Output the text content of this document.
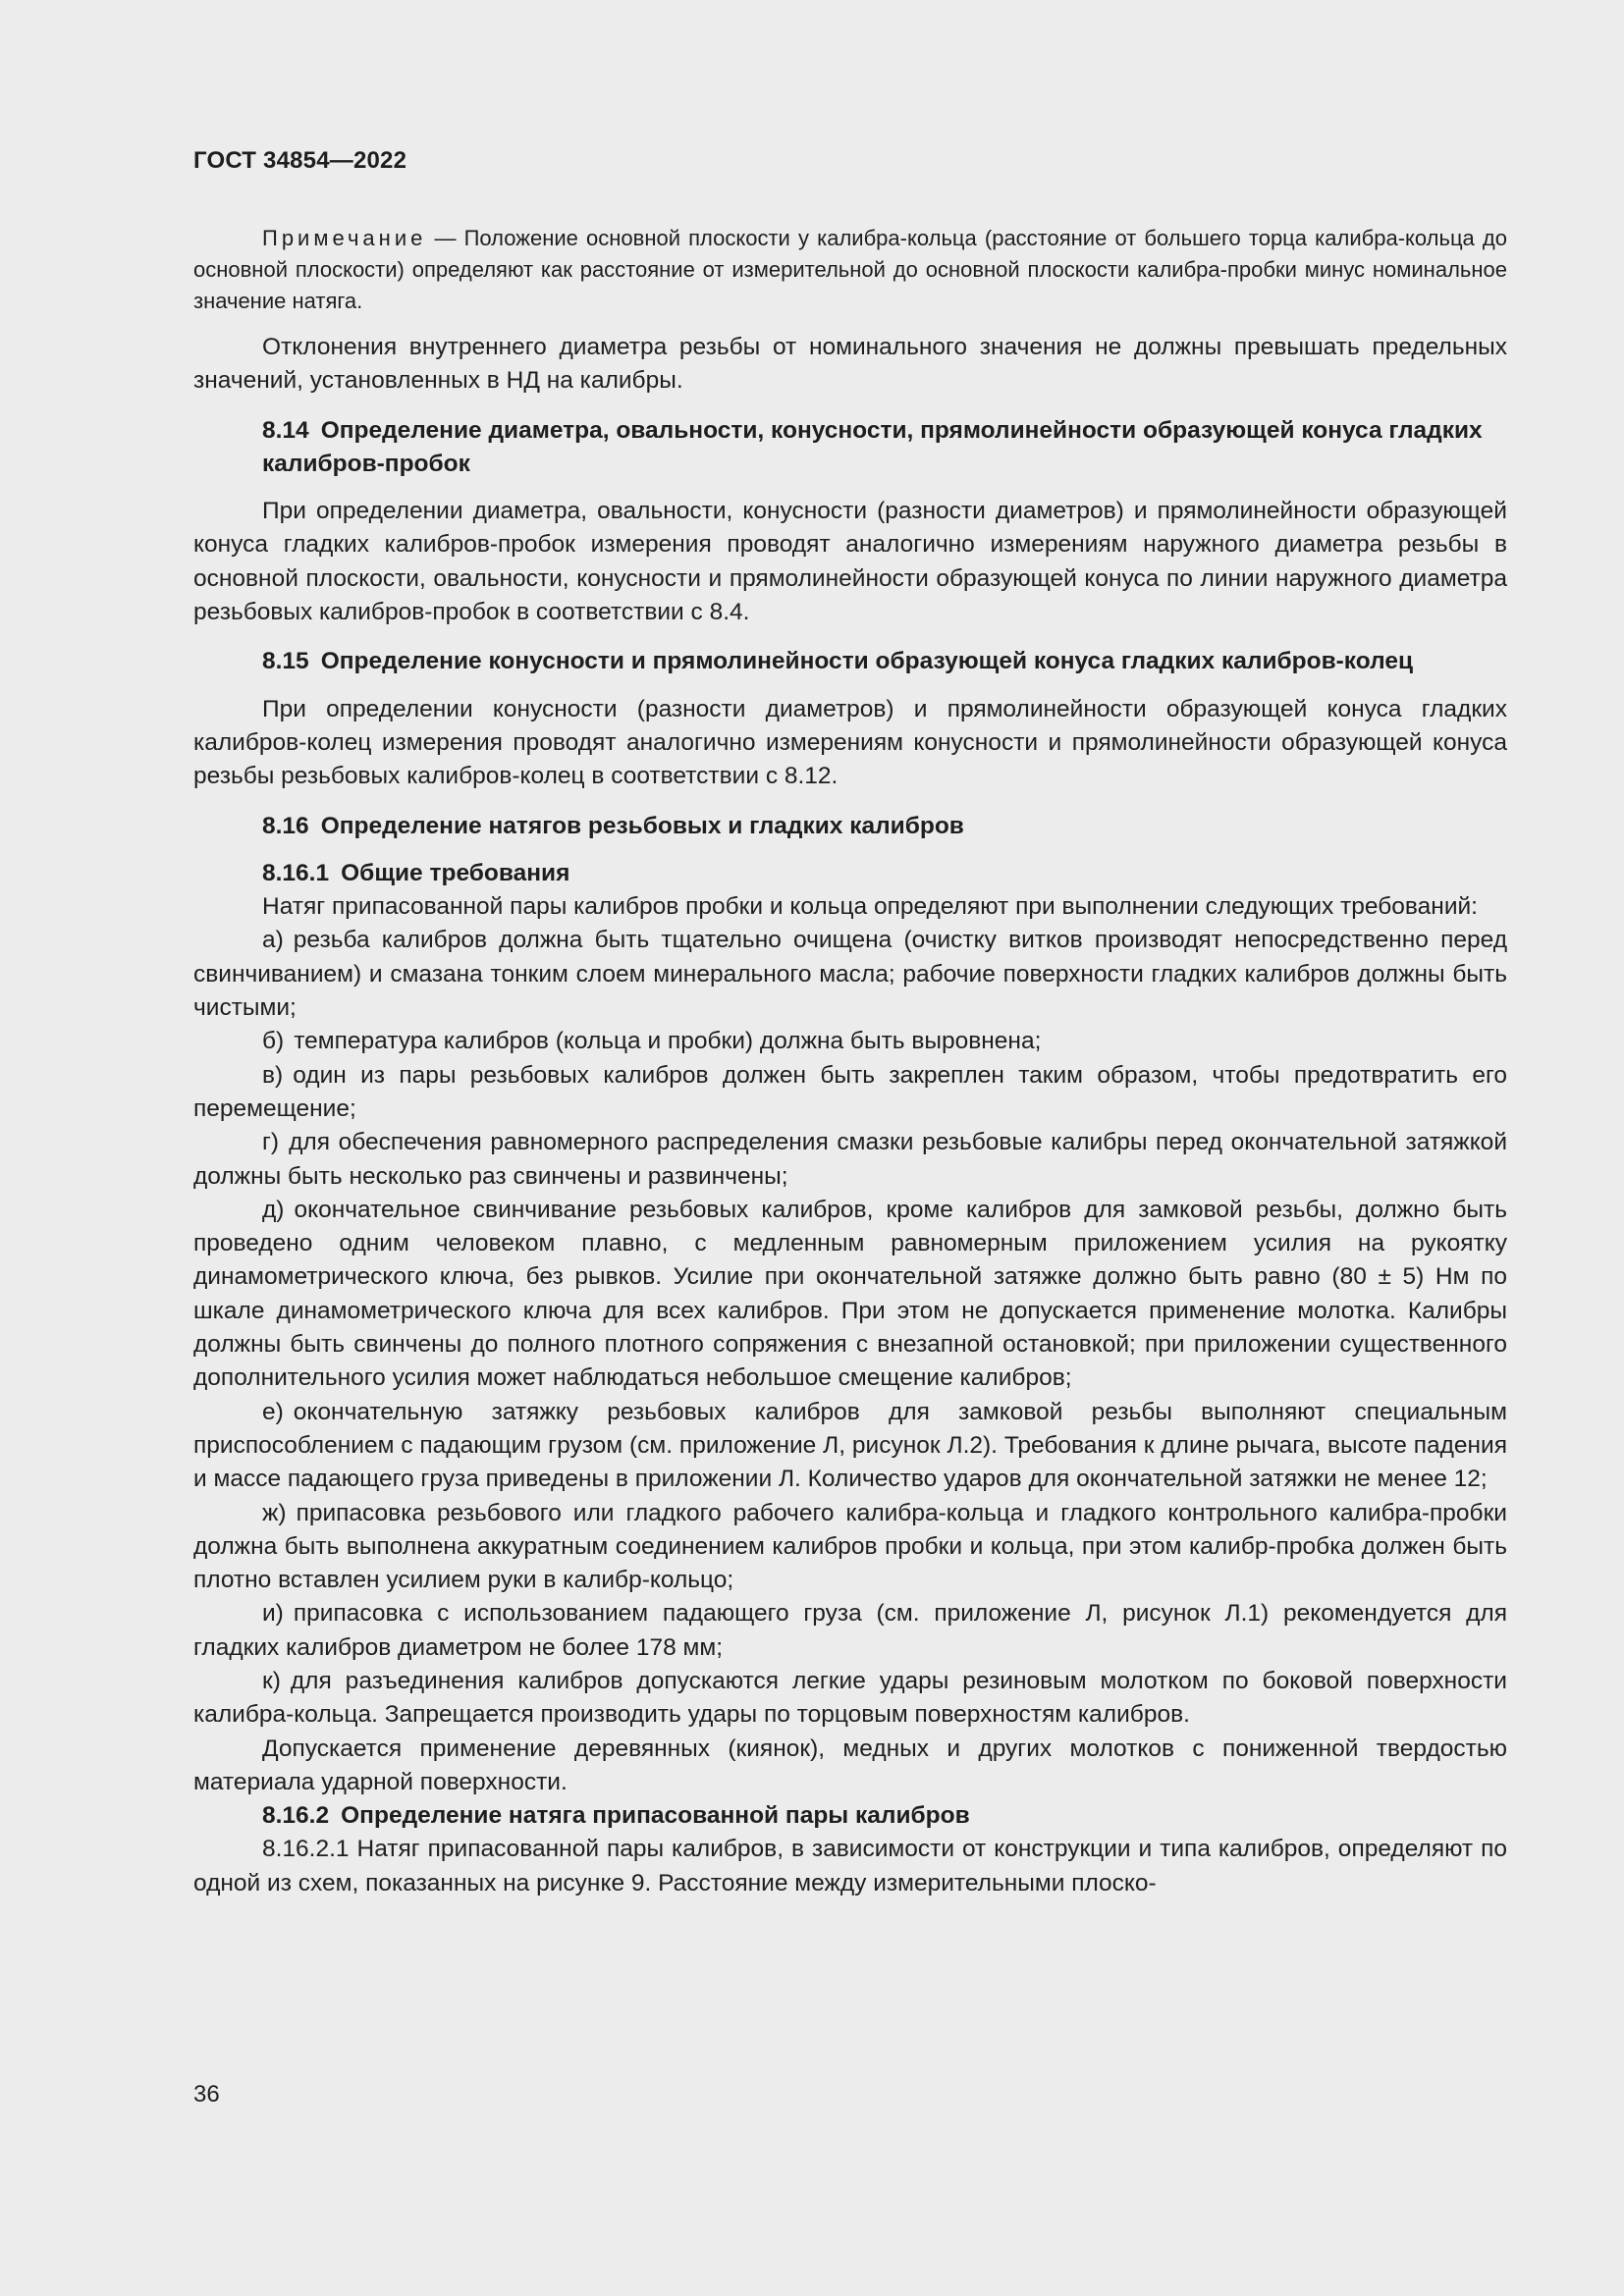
ГОСТ 34854—2022

Примечание — Положение основной плоскости у калибра-кольца (расстояние от большего торца калибра-кольца до основной плоскости) определяют как расстояние от измерительной до основной плоскости калибра-пробки минус номинальное значение натяга.

Отклонения внутреннего диаметра резьбы от номинального значения не должны превышать предельных значений, установленных в НД на калибры.

8.14 Определение диаметра, овальности, конусности, прямолинейности образующей конуса гладких калибров-пробок

При определении диаметра, овальности, конусности (разности диаметров) и прямолинейности образующей конуса гладких калибров-пробок измерения проводят аналогично измерениям наружного диаметра резьбы в основной плоскости, овальности, конусности и прямолинейности образующей конуса по линии наружного диаметра резьбовых калибров-пробок в соответствии с 8.4.

8.15 Определение конусности и прямолинейности образующей конуса гладких калибров-колец

При определении конусности (разности диаметров) и прямолинейности образующей конуса гладких калибров-колец измерения проводят аналогично измерениям конусности и прямолинейности образующей конуса резьбы резьбовых калибров-колец в соответствии с 8.12.

8.16 Определение натягов резьбовых и гладких калибров
8.16.1 Общие требования

Натяг припасованной пары калибров пробки и кольца определяют при выполнении следующих требований:

а) резьба калибров должна быть тщательно очищена (очистку витков производят непосредственно перед свинчиванием) и смазана тонким слоем минерального масла; рабочие поверхности гладких калибров должны быть чистыми;

б) температура калибров (кольца и пробки) должна быть выровнена;

в) один из пары резьбовых калибров должен быть закреплен таким образом, чтобы предотвратить его перемещение;

г) для обеспечения равномерного распределения смазки резьбовые калибры перед окончательной затяжкой должны быть несколько раз свинчены и развинчены;

д) окончательное свинчивание резьбовых калибров, кроме калибров для замковой резьбы, должно быть проведено одним человеком плавно, с медленным равномерным приложением усилия на рукоятку динамометрического ключа, без рывков. Усилие при окончательной затяжке должно быть равно (80 ± 5) Нм по шкале динамометрического ключа для всех калибров. При этом не допускается применение молотка. Калибры должны быть свинчены до полного плотного сопряжения с внезапной остановкой; при приложении существенного дополнительного усилия может наблюдаться небольшое смещение калибров;

е) окончательную затяжку резьбовых калибров для замковой резьбы выполняют специальным приспособлением с падающим грузом (см. приложение Л, рисунок Л.2). Требования к длине рычага, высоте падения и массе падающего груза приведены в приложении Л. Количество ударов для окончательной затяжки не менее 12;

ж) припасовка резьбового или гладкого рабочего калибра-кольца и гладкого контрольного калибра-пробки должна быть выполнена аккуратным соединением калибров пробки и кольца, при этом калибр-пробка должен быть плотно вставлен усилием руки в калибр-кольцо;

и) припасовка с использованием падающего груза (см. приложение Л, рисунок Л.1) рекомендуется для гладких калибров диаметром не более 178 мм;

к) для разъединения калибров допускаются легкие удары резиновым молотком по боковой поверхности калибра-кольца. Запрещается производить удары по торцовым поверхностям калибров.

Допускается применение деревянных (киянок), медных и других молотков с пониженной твердостью материала ударной поверхности.

8.16.2 Определение натяга припасованной пары калибров

8.16.2.1 Натяг припасованной пары калибров, в зависимости от конструкции и типа калибров, определяют по одной из схем, показанных на рисунке 9. Расстояние между измерительными плоско-

36
